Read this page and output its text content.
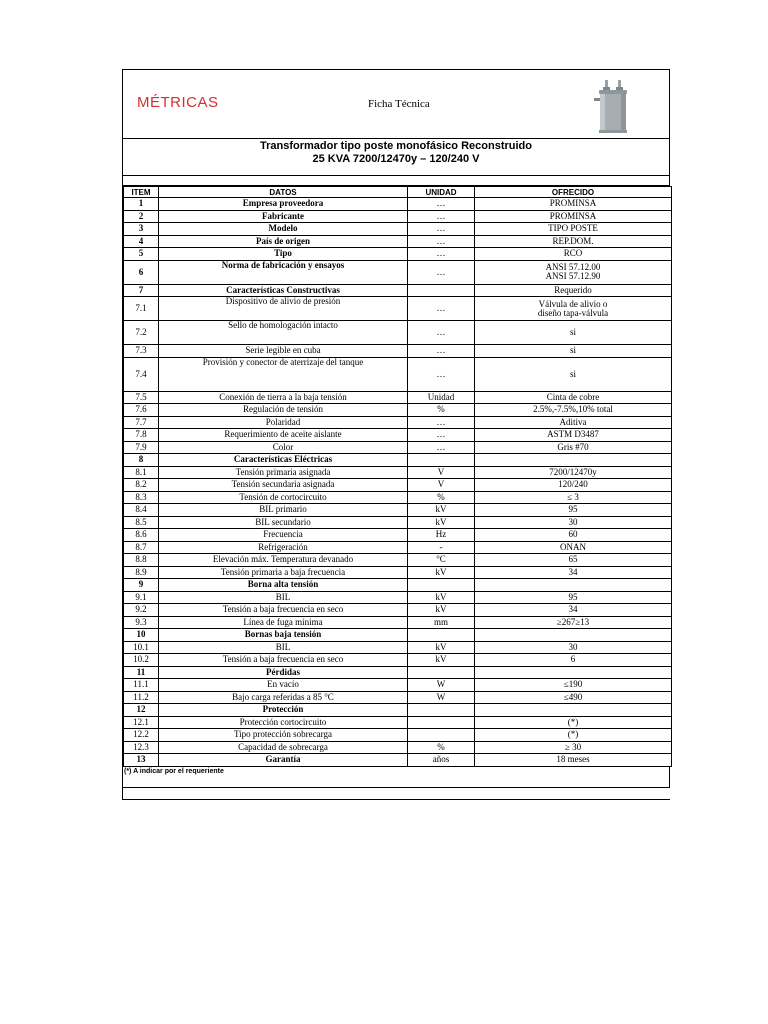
MÉTRICAS	Ficha Técnica
Transformador tipo poste monofásico Reconstruido
25 KVA 7200/12470y – 120/240 V
ITEM	DATOS	UNIDAD	OFRECIDO
1	Empresa proveedora	…	PROMINSA
2	Fabricante	…	PROMINSA
3	Modelo	…	TIPO POSTE
4	País de origen	…	REP.DOM.
5	Tipo	…	RCO
6	Norma de fabricación y ensayos	…	ANSI 57.12.00
ANSI 57.12.90
7	Características Constructivas		Requerido
7.1	Dispositivo de alivio de presión	…	Válvula de alivio o
diseño tapa-válvula
7.2	Sello de homologación intacto	…	si
7.3	Serie legible en cuba	…	si
7.4	Provisión y conector de aterrizaje del tanque	…	si
7.5	Conexión de tierra a la baja tensión	Unidad	Cinta de cobre
7.6	Regulación de tensión	%	2.5%,-7.5%,10% total
7.7	Polaridad	…	Aditiva
7.8	Requerimiento de aceite aislante	…	ASTM D3487
7.9	Color	…	Gris #70
8	Características Eléctricas		
8.1	Tensión primaria asignada	V	7200/12470y
8.2	Tensión secundaria asignada	V	120/240
8.3	Tensión de cortocircuito	%	≤ 3
8.4	BIL primario	kV	95
8.5	BIL secundario	kV	30
8.6	Frecuencia	Hz	60
8.7	Refrigeración	-	ONAN
8.8	Elevación máx. Temperatura devanado	°C	65
8.9	Tensión primaria a baja frecuencia	kV	34
9	Borna alta tensión		
9.1	BIL	kV	95
9.2	Tensión a baja frecuencia en seco	kV	34
9.3	Línea de fuga mínima	mm	≥267≥13
10	Bornas baja tensión		
10.1	BIL	kV	30
10.2	Tensión a baja frecuencia en seco	kV	6
11	Pérdidas		
11.1	En vacío	W	≤190
11.2	Bajo carga referidas a 85 °C	W	≤490
12	Protección		
12.1	Protección cortocircuito		(*)
12.2	Tipo protección sobrecarga		(*)
12.3	Capacidad de sobrecarga	%	≥ 30
13	Garantía	años	18 meses
(*) A indicar por el requeriente
